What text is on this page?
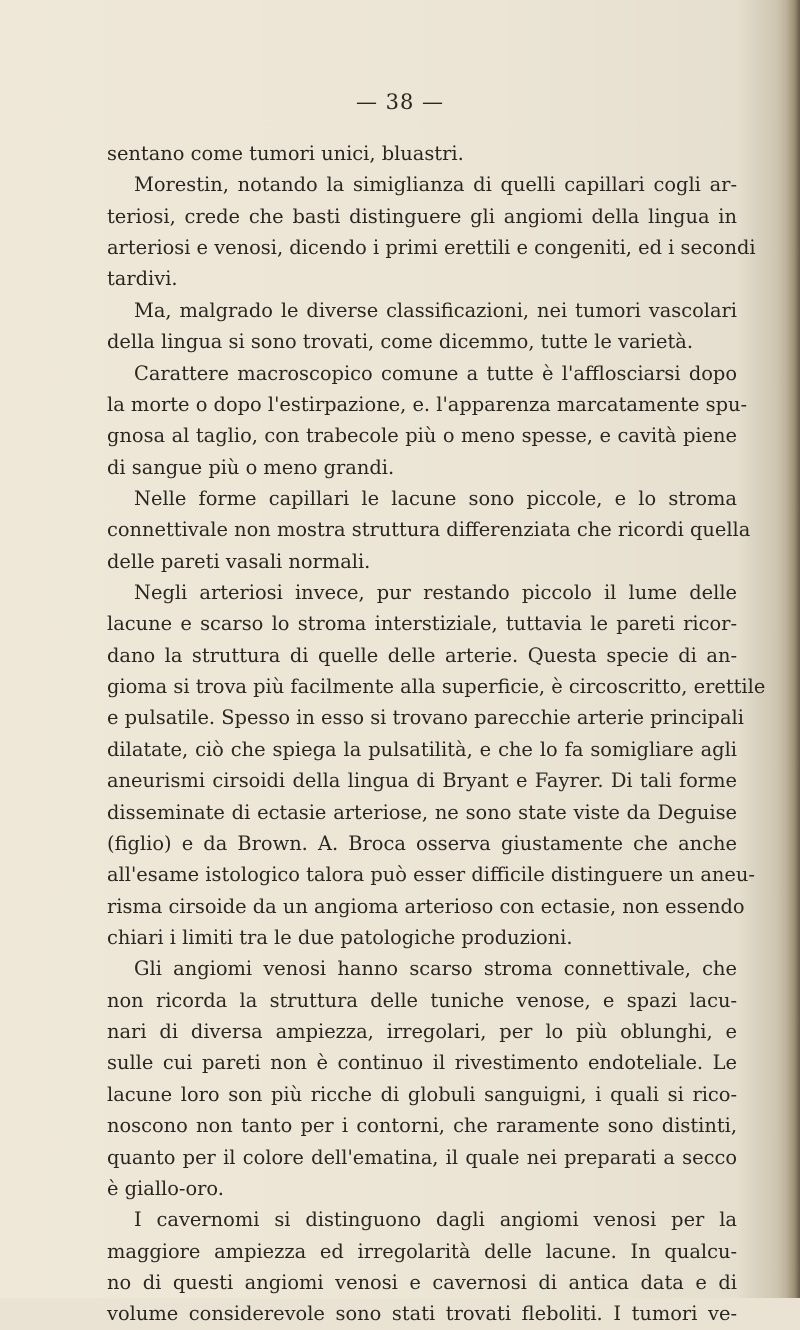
— 38 —
sentano come tumori unici, bluastri.
Morestin, notando la simiglianza di quelli capillari cogli ar-
teriosi, crede che basti distinguere gli angiomi della lingua in
arteriosi e venosi, dicendo i primi erettili e congeniti, ed i secondi
tardivi.
Ma, malgrado le diverse classificazioni, nei tumori vascolari
della lingua si sono trovati, come dicemmo, tutte le varietà.
Carattere macroscopico comune a tutte è l'afflosciarsi dopo
la morte o dopo l'estirpazione, e. l'apparenza marcatamente spu-
gnosa al taglio, con trabecole più o meno spesse, e cavità piene
di sangue più o meno grandi.
Nelle forme capillari le lacune sono piccole, e lo stroma
connettivale non mostra struttura differenziata che ricordi quella
delle pareti vasali normali.
Negli arteriosi invece, pur restando piccolo il lume delle
lacune e scarso lo stroma interstiziale, tuttavia le pareti ricor-
dano la struttura di quelle delle arterie. Questa specie di an-
gioma si trova più facilmente alla superficie, è circoscritto, erettile
e pulsatile. Spesso in esso si trovano parecchie arterie principali
dilatate, ciò che spiega la pulsatilità, e che lo fa somigliare agli
aneurismi cirsoidi della lingua di Bryant e Fayrer. Di tali forme
disseminate di ectasie arteriose, ne sono state viste da Deguise
(figlio) e da Brown. A. Broca osserva giustamente che anche
all'esame istologico talora può esser difficile distinguere un aneu-
risma cirsoide da un angioma arterioso con ectasie, non essendo
chiari i limiti tra le due patologiche produzioni.
Gli angiomi venosi hanno scarso stroma connettivale, che
non ricorda la struttura delle tuniche venose, e spazi lacu-
nari di diversa ampiezza, irregolari, per lo più oblunghi, e
sulle cui pareti non è continuo il rivestimento endoteliale. Le
lacune loro son più ricche di globuli sanguigni, i quali si rico-
noscono non tanto per i contorni, che raramente sono distinti,
quanto per il colore dell'ematina, il quale nei preparati a secco
è giallo-oro.
I cavernomi si distinguono dagli angiomi venosi per la
maggiore ampiezza ed irregolarità delle lacune. In qualcu-
no di questi angiomi venosi e cavernosi di antica data e di
volume considerevole sono stati trovati fleboliti. I tumori ve-
